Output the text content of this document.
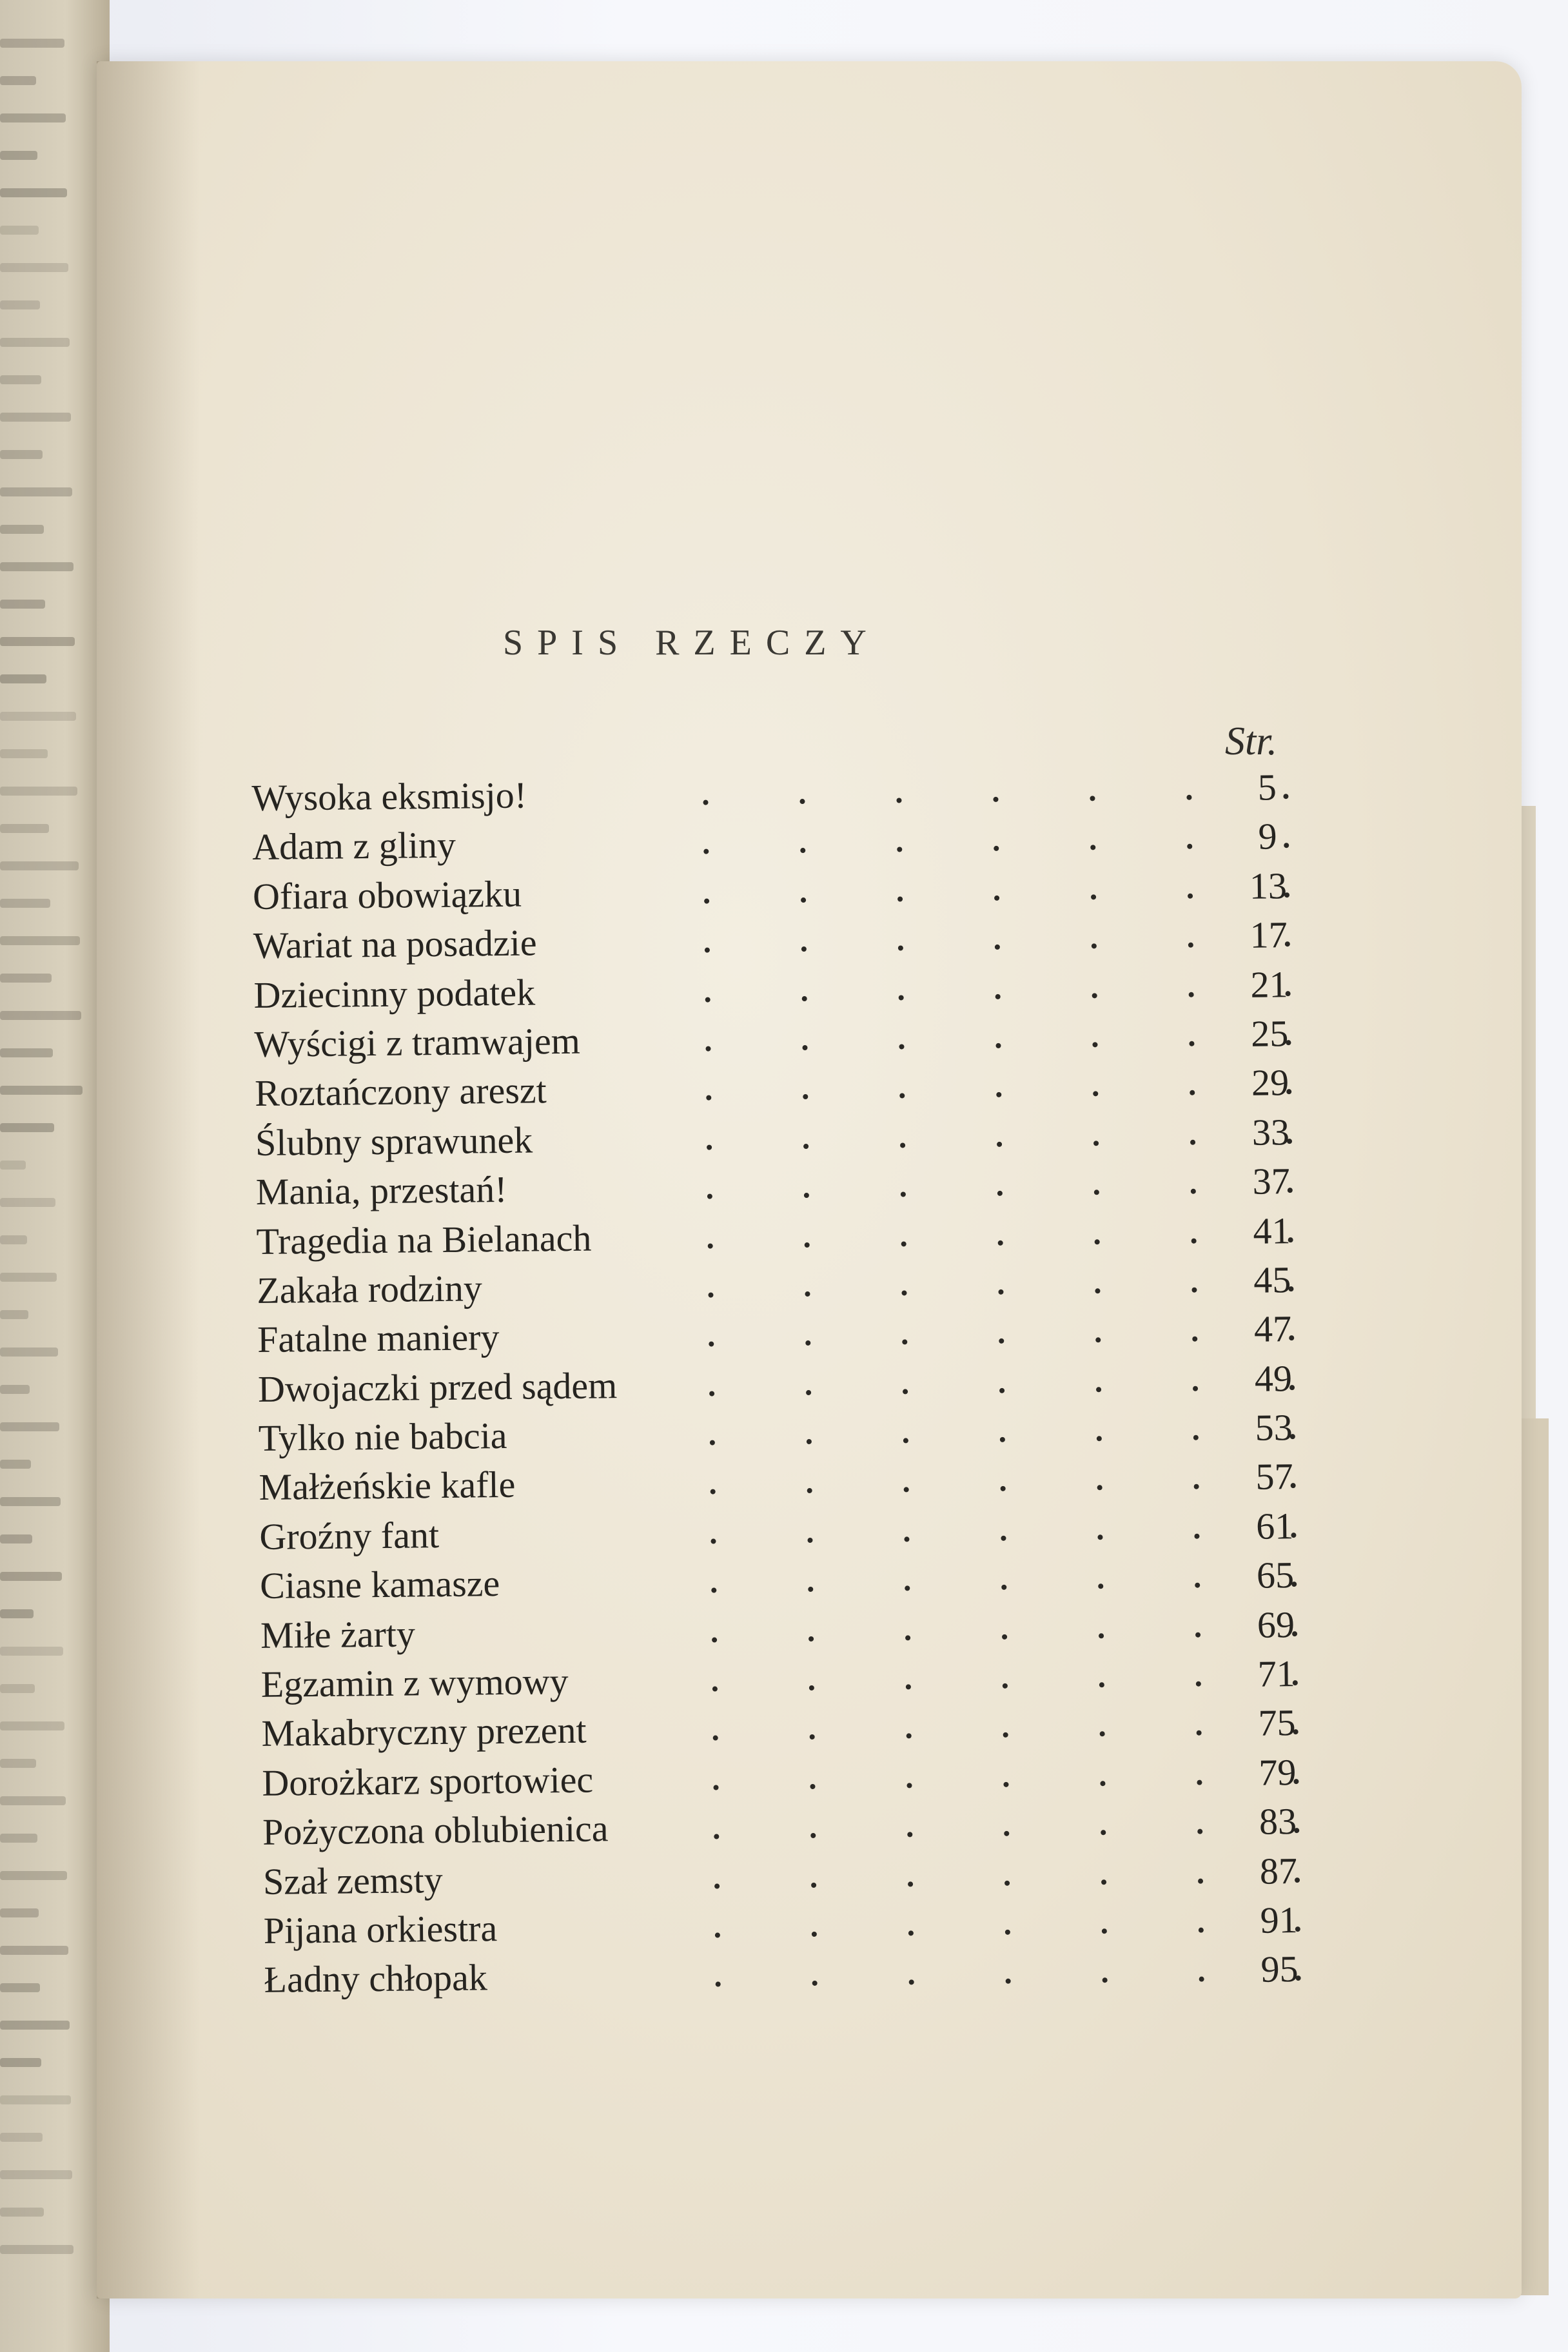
SPIS RZECZY
Str.
Wysoka eksmisjo!	5
Adam z gliny	9
Ofiara obowiązku	13
Wariat na posadzie	17
Dziecinny podatek	21
Wyścigi z tramwajem	25
Roztańczony areszt	29
Ślubny sprawunek	33
Mania, przestań!	37
Tragedia na Bielanach	41
Zakała rodziny	45
Fatalne maniery	47
Dwojaczki przed sądem	49
Tylko nie babcia	53
Małżeńskie kafle	57
Groźny fant	61
Ciasne kamasze	65
Miłe żarty	69
Egzamin z wymowy	71
Makabryczny prezent	75
Dorożkarz sportowiec	79
Pożyczona oblubienica	83
Szał zemsty	87
Pijana orkiestra	91
Ładny chłopak	95
